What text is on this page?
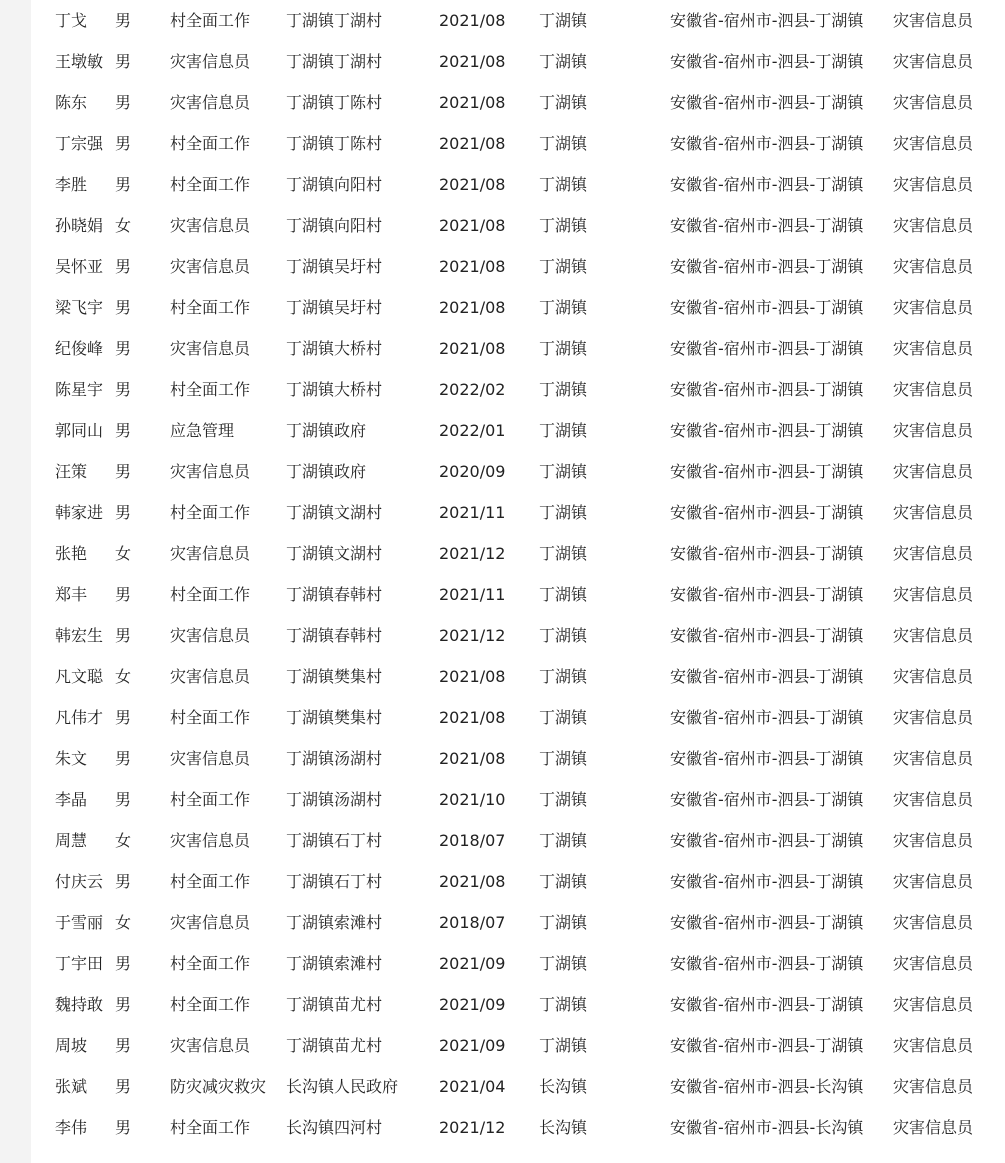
丁戈 男 村全面工作 丁湖镇丁湖村	2021/08 丁湖镇	安徽省-宿州市-泗县-丁湖镇 灾害信息员
王墩敏 男 灾害信息员 丁湖镇丁湖村	2021/08 丁湖镇	安徽省-宿州市-泗县-丁湖镇 灾害信息员
陈东 男 灾害信息员 丁湖镇丁陈村	2021/08 丁湖镇	安徽省-宿州市-泗县-丁湖镇 灾害信息员
丁宗强 男 村全面工作 丁湖镇丁陈村	2021/08 丁湖镇	安徽省-宿州市-泗县-丁湖镇 灾害信息员
李胜 男 村全面工作 丁湖镇向阳村	2021/08 丁湖镇	安徽省-宿州市-泗县-丁湖镇 灾害信息员
孙晓娟 女 灾害信息员 丁湖镇向阳村	2021/08 丁湖镇	安徽省-宿州市-泗县-丁湖镇 灾害信息员
吴怀亚 男 灾害信息员 丁湖镇吴圩村	2021/08 丁湖镇	安徽省-宿州市-泗县-丁湖镇 灾害信息员
梁飞宇 男 村全面工作 丁湖镇吴圩村	2021/08 丁湖镇	安徽省-宿州市-泗县-丁湖镇 灾害信息员
纪俊峰 男 灾害信息员 丁湖镇大桥村	2021/08 丁湖镇	安徽省-宿州市-泗县-丁湖镇 灾害信息员
陈星宇 男 村全面工作 丁湖镇大桥村	2022/02 丁湖镇	安徽省-宿州市-泗县-丁湖镇 灾害信息员
郭同山 男 应急管理	丁湖镇政府	2022/01 丁湖镇	安徽省-宿州市-泗县-丁湖镇 灾害信息员
汪策 男 灾害信息员 丁湖镇政府	2020/09 丁湖镇	安徽省-宿州市-泗县-丁湖镇 灾害信息员
韩家进 男 村全面工作 丁湖镇文湖村	2021/11 丁湖镇	安徽省-宿州市-泗县-丁湖镇 灾害信息员
张艳 女 灾害信息员 丁湖镇文湖村	2021/12 丁湖镇	安徽省-宿州市-泗县-丁湖镇 灾害信息员
郑丰 男 村全面工作 丁湖镇春韩村	2021/11 丁湖镇	安徽省-宿州市-泗县-丁湖镇 灾害信息员
韩宏生 男 灾害信息员 丁湖镇春韩村	2021/12 丁湖镇	安徽省-宿州市-泗县-丁湖镇 灾害信息员
凡文聪 女 灾害信息员 丁湖镇樊集村	2021/08 丁湖镇	安徽省-宿州市-泗县-丁湖镇 灾害信息员
凡伟才 男 村全面工作 丁湖镇樊集村	2021/08 丁湖镇	安徽省-宿州市-泗县-丁湖镇 灾害信息员
朱文 男 灾害信息员 丁湖镇汤湖村	2021/08 丁湖镇	安徽省-宿州市-泗县-丁湖镇 灾害信息员
李晶 男 村全面工作 丁湖镇汤湖村	2021/10 丁湖镇	安徽省-宿州市-泗县-丁湖镇 灾害信息员
周慧 女 灾害信息员 丁湖镇石丁村	2018/07 丁湖镇	安徽省-宿州市-泗县-丁湖镇 灾害信息员
付庆云 男 村全面工作 丁湖镇石丁村	2021/08 丁湖镇	安徽省-宿州市-泗县-丁湖镇 灾害信息员
于雪丽 女 灾害信息员 丁湖镇索滩村	2018/07 丁湖镇	安徽省-宿州市-泗县-丁湖镇 灾害信息员
丁宇田 男 村全面工作 丁湖镇索滩村	2021/09 丁湖镇	安徽省-宿州市-泗县-丁湖镇 灾害信息员
魏持敢 男 村全面工作 丁湖镇苗尤村	2021/09 丁湖镇	安徽省-宿州市-泗县-丁湖镇 灾害信息员
周坡 男 灾害信息员 丁湖镇苗尤村	2021/09 丁湖镇	安徽省-宿州市-泗县-丁湖镇 灾害信息员
张斌 男 防灾减灾救灾 长沟镇人民政府	2021/04 长沟镇	安徽省-宿州市-泗县-长沟镇 灾害信息员
李伟 男 村全面工作 长沟镇四河村	2021/12 长沟镇	安徽省-宿州市-泗县-长沟镇 灾害信息员
